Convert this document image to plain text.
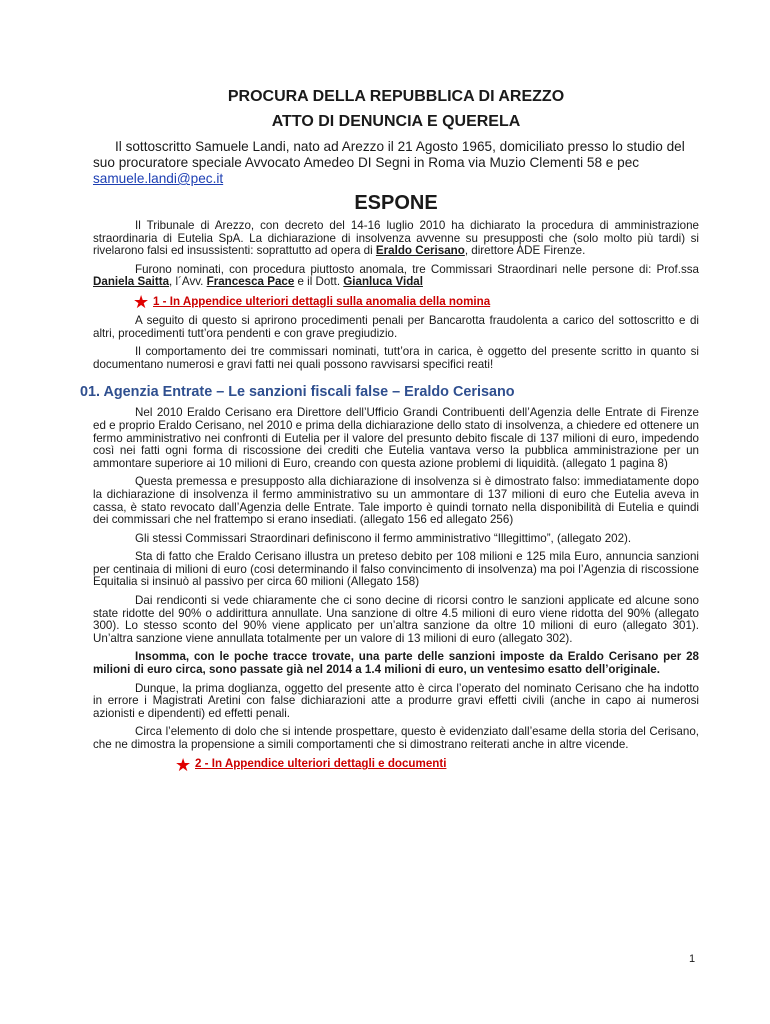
PROCURA DELLA REPUBBLICA DI AREZZO
ATTO DI DENUNCIA E QUERELA

Il sottoscritto Samuele Landi, nato ad Arezzo il 21 Agosto 1965, domiciliato presso lo studio del suo procuratore speciale Avvocato Amedeo DI Segni in Roma via Muzio Clementi 58 e pec samuele.landi@pec.it

ESPONE

Il Tribunale di Arezzo, con decreto del 14-16 luglio 2010 ha dichiarato la procedura di amministrazione straordinaria di Eutelia SpA. La dichiarazione di insolvenza avvenne su presupposti che (solo molto più tardi) si rivelarono falsi ed insussistenti: soprattutto ad opera di Eraldo Cerisano, direttore ADE Firenze.

Furono nominati, con procedura piuttosto anomala, tre Commissari Straordinari nelle persone di: Prof.ssa Daniela Saitta, l´Avv. Francesca Pace e il Dott. Gianluca Vidal

★ 1 - In Appendice ulteriori dettagli sulla anomalia della nomina

A seguito di questo si aprirono procedimenti penali per Bancarotta fraudolenta a carico del sottoscritto e di altri, procedimenti tutt’ora pendenti e con grave pregiudizio.

Il comportamento dei tre commissari nominati, tutt’ora in carica, è oggetto del presente scritto in quanto si documentano numerosi e gravi fatti nei quali possono ravvisarsi specifici reati!

01. Agenzia Entrate – Le sanzioni fiscali false – Eraldo Cerisano

Nel 2010 Eraldo Cerisano era Direttore dell’Ufficio Grandi Contribuenti dell’Agenzia delle Entrate di Firenze ed e proprio Eraldo Cerisano, nel 2010 e prima della dichiarazione dello stato di insolvenza, a chiedere ed ottenere un fermo amministrativo nei confronti di Eutelia per il valore del presunto debito fiscale di 137 milioni di euro, impedendo così nei fatti ogni forma di riscossione dei crediti che Eutelia vantava verso la pubblica amministrazione per un ammontare superiore ai 10 milioni di Euro, creando con questa azione problemi di liquidità. (allegato 1 pagina 8)

Questa premessa e presupposto alla dichiarazione di insolvenza si è dimostrato falso: immediatamente dopo la dichiarazione di insolvenza il fermo amministrativo su un ammontare di 137 milioni di euro che Eutelia aveva in cassa, è stato revocato dall’Agenzia delle Entrate. Tale importo è quindi tornato nella disponibilità di Eutelia e quindi dei commissari che nel frattempo si erano insediati. (allegato 156 ed allegato 256)

Gli stessi Commissari Straordinari definiscono il fermo amministrativo “Illegittimo”, (allegato 202).

Sta di fatto che Eraldo Cerisano illustra un preteso debito per 108 milioni e 125 mila Euro, annuncia sanzioni per centinaia di milioni di euro (cosi determinando il falso convincimento di insolvenza) ma poi l’Agenzia di riscossione Equitalia si insinuò al passivo per circa 60 milioni (Allegato 158)

Dai rendiconti si vede chiaramente che ci sono decine di ricorsi contro le sanzioni applicate ed alcune sono state ridotte del 90% o addirittura annullate. Una sanzione di oltre 4.5 milioni di euro viene ridotta del 90% (allegato 300). Lo stesso sconto del 90% viene applicato per un’altra sanzione da oltre 10 milioni di euro (allegato 301). Un’altra sanzione viene annullata totalmente per un valore di 13 milioni di euro (allegato 302).

Insomma, con le poche tracce trovate, una parte delle sanzioni imposte da Eraldo Cerisano per 28 milioni di euro circa, sono passate già nel 2014 a 1.4 milioni di euro, un ventesimo esatto dell’originale.

Dunque, la prima doglianza, oggetto del presente atto è circa l’operato del nominato Cerisano che ha indotto in errore i Magistrati Aretini con false dichiarazioni atte a produrre gravi effetti civili (anche in capo ai numerosi azionisti e dipendenti) ed effetti penali.

Circa l’elemento di dolo che si intende prospettare, questo è evidenziato dall’esame della storia del Cerisano, che ne dimostra la propensione a simili comportamenti che si dimostrano reiterati anche in altre vicende.

★ 2 - In Appendice ulteriori dettagli e documenti
1
